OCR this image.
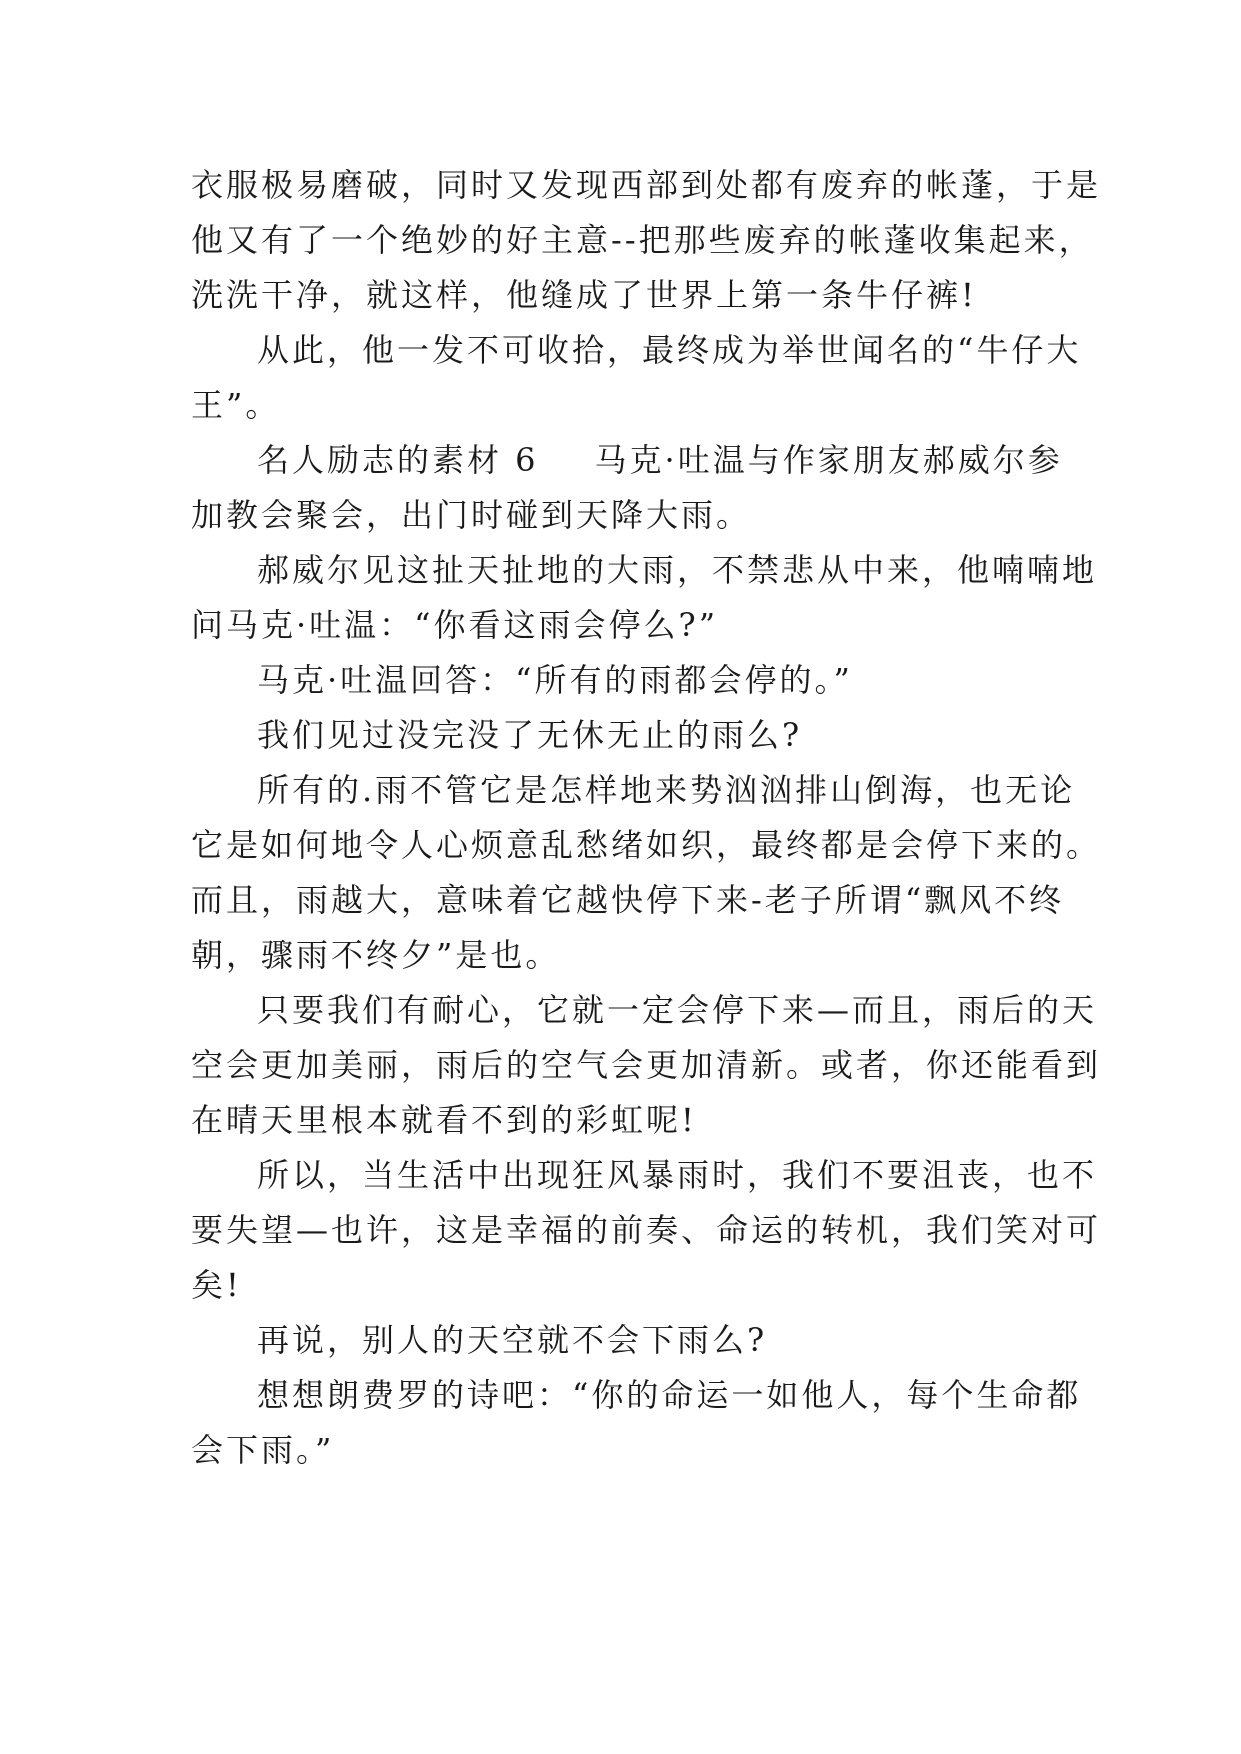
衣服极易磨破，同时又发现西部到处都有废弃的帐蓬，于是
他又有了一个绝妙的好主意--把那些废弃的帐蓬收集起来，
洗洗干净，就这样，他缝成了世界上第一条牛仔裤!
从此，他一发不可收拾，最终成为举世闻名的“牛仔大
王”。
名人励志的素材 6 马克·吐温与作家朋友郝威尔参
加教会聚会，出门时碰到天降大雨。
郝威尔见这扯天扯地的大雨，不禁悲从中来，他喃喃地
问马克·吐温：“你看这雨会停么?”
马克·吐温回答：“所有的雨都会停的。”
我们见过没完没了无休无止的雨么?
所有的.雨不管它是怎样地来势汹汹排山倒海，也无论
它是如何地令人心烦意乱愁绪如织，最终都是会停下来的。
而且，雨越大，意味着它越快停下来-老子所谓“飘风不终
朝，骤雨不终夕”是也。
只要我们有耐心，它就一定会停下来—而且，雨后的天
空会更加美丽，雨后的空气会更加清新。或者，你还能看到
在晴天里根本就看不到的彩虹呢!
所以，当生活中出现狂风暴雨时，我们不要沮丧，也不
要失望—也许，这是幸福的前奏、命运的转机，我们笑对可
矣!
再说，别人的天空就不会下雨么?
想想朗费罗的诗吧：“你的命运一如他人，每个生命都
会下雨。”
